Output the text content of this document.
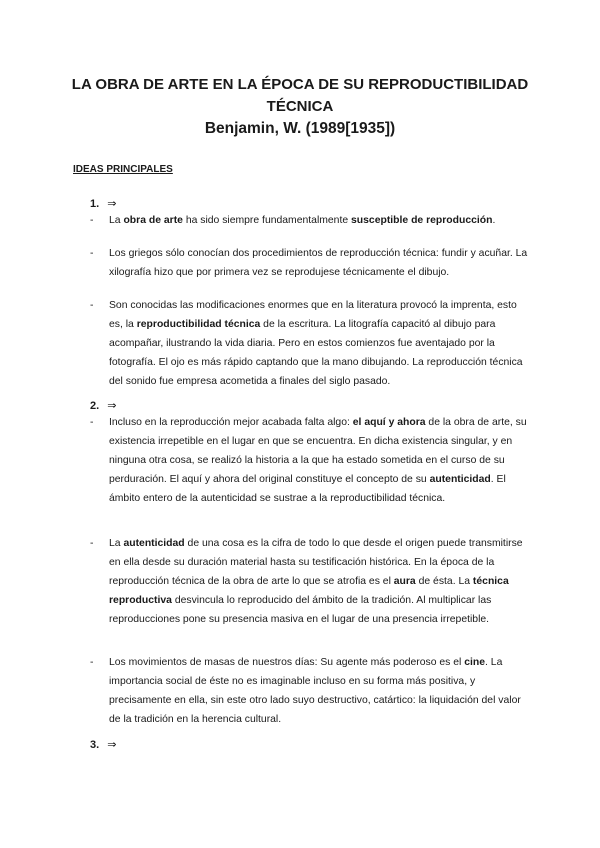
LA OBRA DE ARTE EN LA ÉPOCA DE SU REPRODUCTIBILIDAD
TÉCNICA
Benjamin, W. (1989[1935])
IDEAS PRINCIPALES
1. ⇒
- La obra de arte ha sido siempre fundamentalmente susceptible de reproducción.
- Los griegos sólo conocían dos procedimientos de reproducción técnica: fundir y acuñar. La xilografía hizo que por primera vez se reprodujese técnicamente el dibujo.
- Son conocidas las modificaciones enormes que en la literatura provocó la imprenta, esto es, la reproductibilidad técnica de la escritura. La litografía capacitó al dibujo para acompañar, ilustrando la vida diaria. Pero en estos comienzos fue aventajado por la fotografía. El ojo es más rápido captando que la mano dibujando. La reproducción técnica del sonido fue empresa acometida a finales del siglo pasado.
2. ⇒
- Incluso en la reproducción mejor acabada falta algo: el aquí y ahora de la obra de arte, su existencia irrepetible en el lugar en que se encuentra. En dicha existencia singular, y en ninguna otra cosa, se realizó la historia a la que ha estado sometida en el curso de su perduración. El aquí y ahora del original constituye el concepto de su autenticidad. El ámbito entero de la autenticidad se sustrae a la reproductibilidad técnica.
- La autenticidad de una cosa es la cifra de todo lo que desde el origen puede transmitirse en ella desde su duración material hasta su testificación histórica. En la época de la reproducción técnica de la obra de arte lo que se atrofia es el aura de ésta. La técnica reproductiva desvincula lo reproducido del ámbito de la tradición. Al multiplicar las reproducciones pone su presencia masiva en el lugar de una presencia irrepetible.
- Los movimientos de masas de nuestros días: Su agente más poderoso es el cine. La importancia social de éste no es imaginable incluso en su forma más positiva, y precisamente en ella, sin este otro lado suyo destructivo, catártico: la liquidación del valor de la tradición en la herencia cultural.
3. ⇒
